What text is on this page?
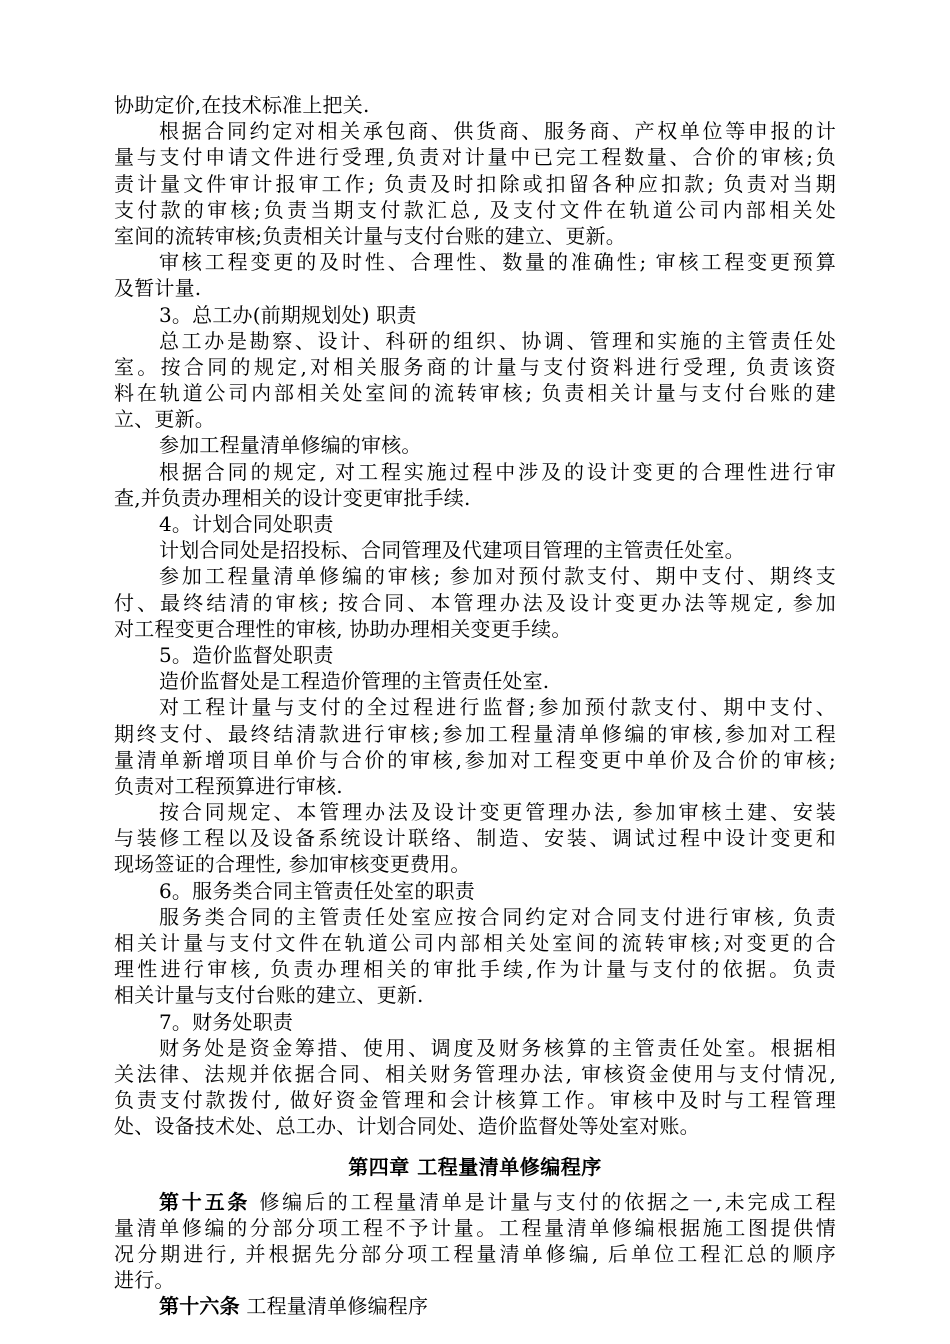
协助定价,在技术标准上把关.
根据合同约定对相关承包商、供货商、服务商、产权单位等申报的计
量与支付申请文件进行受理,负责对计量中已完工程数量、合价的审核;负
责计量文件审计报审工作; 负责及时扣除或扣留各种应扣款; 负责对当期
支付款的审核;负责当期支付款汇总, 及支付文件在轨道公司内部相关处
室间的流转审核;负责相关计量与支付台账的建立、更新。
审核工程变更的及时性、合理性、数量的准确性; 审核工程变更预算
及暂计量.
3。总工办(前期规划处) 职责
总工办是勘察、设计、科研的组织、协调、管理和实施的主管责任处
室。按合同的规定,对相关服务商的计量与支付资料进行受理, 负责该资
料在轨道公司内部相关处室间的流转审核; 负责相关计量与支付台账的建
立、更新。
参加工程量清单修编的审核。
根据合同的规定, 对工程实施过程中涉及的设计变更的合理性进行审
查,并负责办理相关的设计变更审批手续.
4。计划合同处职责
计划合同处是招投标、合同管理及代建项目管理的主管责任处室。
参加工程量清单修编的审核; 参加对预付款支付、期中支付、期终支
付、最终结清的审核; 按合同、本管理办法及设计变更办法等规定, 参加
对工程变更合理性的审核, 协助办理相关变更手续。
5。造价监督处职责
造价监督处是工程造价管理的主管责任处室.
对工程计量与支付的全过程进行监督;参加预付款支付、期中支付、
期终支付、最终结清款进行审核;参加工程量清单修编的审核,参加对工程
量清单新增项目单价与合价的审核,参加对工程变更中单价及合价的审核;
负责对工程预算进行审核.
按合同规定、本管理办法及设计变更管理办法, 参加审核土建、安装
与装修工程以及设备系统设计联络、制造、安装、调试过程中设计变更和
现场签证的合理性, 参加审核变更费用。
6。服务类合同主管责任处室的职责
服务类合同的主管责任处室应按合同约定对合同支付进行审核, 负责
相关计量与支付文件在轨道公司内部相关处室间的流转审核;对变更的合
理性进行审核, 负责办理相关的审批手续,作为计量与支付的依据。负责
相关计量与支付台账的建立、更新.
7。财务处职责
财务处是资金筹措、使用、调度及财务核算的主管责任处室。根据相
关法律、法规并依据合同、相关财务管理办法, 审核资金使用与支付情况,
负责支付款拨付, 做好资金管理和会计核算工作。审核中及时与工程管理
处、设备技术处、总工办、计划合同处、造价监督处等处室对账。
第四章 工程量清单修编程序
第十五条 修编后的工程量清单是计量与支付的依据之一,未完成工程
量清单修编的分部分项工程不予计量。工程量清单修编根据施工图提供情
况分期进行, 并根据先分部分项工程量清单修编, 后单位工程汇总的顺序
进行。
第十六条 工程量清单修编程序
